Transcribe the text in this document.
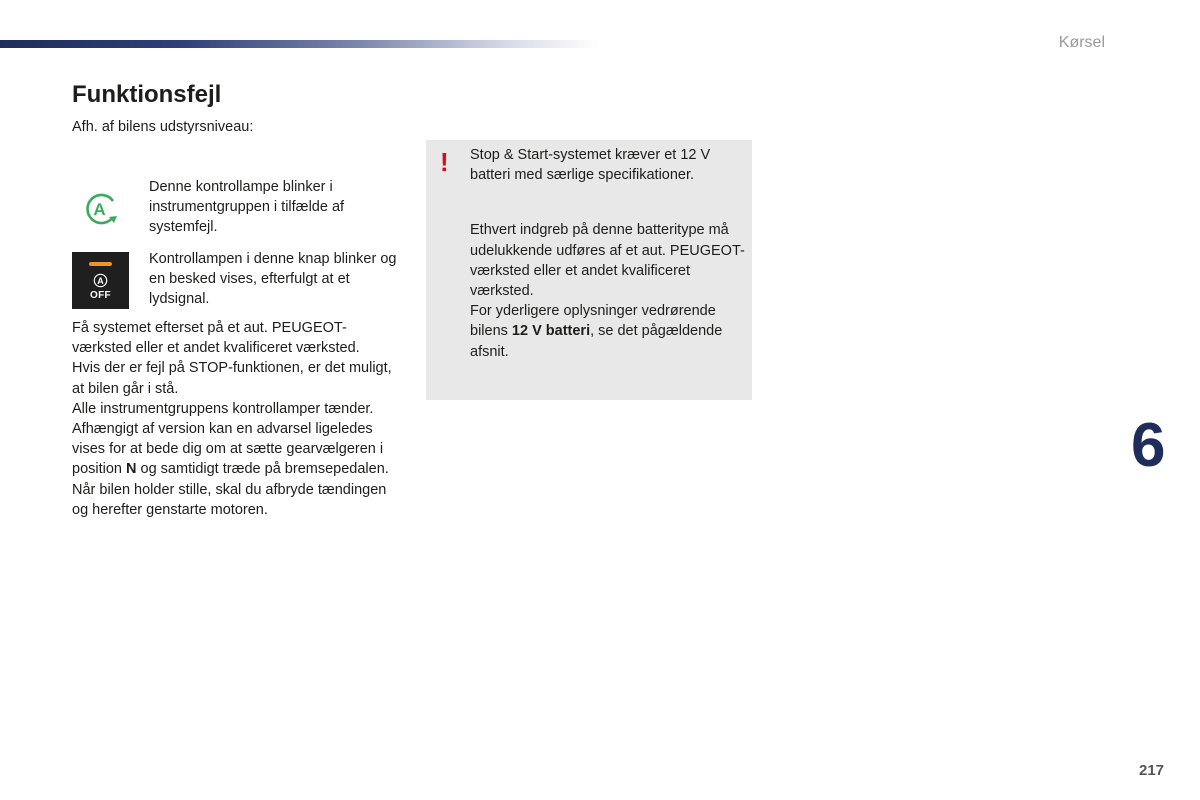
Kørsel
Funktionsfejl
Afh. af bilens udstyrsniveau:
A
Denne kontrollampe blinker i instrumentgruppen i tilfælde af systemfejl.
A
OFF
Kontrollampen i denne knap blinker og en besked vises, efterfulgt at et lydsignal.

Få systemet efterset på et aut. PEUGEOT-værksted eller et andet kvalificeret værksted.

Hvis der er fejl på STOP-funktionen, er det muligt, at bilen går i stå.

Alle instrumentgruppens kontrollamper tænder.

Afhængigt af version kan en advarsel ligeledes vises for at bede dig om at sætte gearvælgeren i position N og samtidigt træde på bremsepedalen.

Når bilen holder stille, skal du afbryde tændingen og herefter genstarte motoren.

! Stop & Start-systemet kræver et 12 V batteri med særlige specifikationer.

Ethvert indgreb på denne batteritype må udelukkende udføres af et aut. PEUGEOT-værksted eller et andet kvalificeret værksted.

For yderligere oplysninger vedrørende bilens 12 V batteri, se det pågældende afsnit.

6
217
